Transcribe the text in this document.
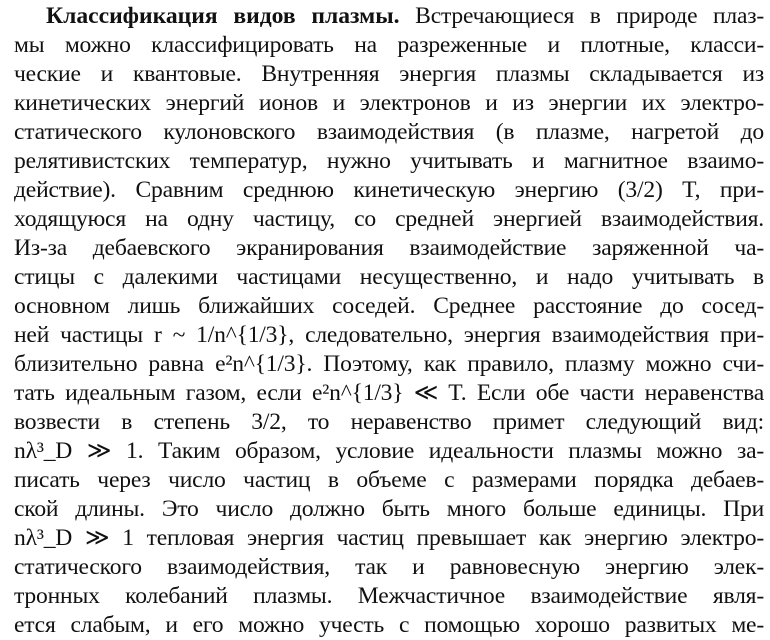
Классификация видов плазмы. Встречающиеся в природе плаз-
мы можно классифицировать на разреженные и плотные, класси-
ческие и квантовые. Внутренняя энергия плазмы складывается из
кинетических энергий ионов и электронов и из энергии их электро-
статического кулоновского взаимодействия (в плазме, нагретой до
релятивистских температур, нужно учитывать и магнитное взаимо-
действие). Сравним среднюю кинетическую энергию (3/2) T, при-
ходящуюся на одну частицу, со средней энергией взаимодействия.
Из-за дебаевского экранирования взаимодействие заряженной ча-
стицы с далекими частицами несущественно, и надо учитывать в
основном лишь ближайших соседей. Среднее расстояние до сосед-
ней частицы r ~ 1/n^{1/3}, следовательно, энергия взаимодействия при-
близительно равна e²n^{1/3}. Поэтому, как правило, плазму можно счи-
тать идеальным газом, если e²n^{1/3} ≪ T. Если обе части неравенства
возвести в степень 3/2, то неравенство примет следующий вид:
nλ³_D ≫ 1. Таким образом, условие идеальности плазмы можно за-
писать через число частиц в объеме с размерами порядка дебаев-
ской длины. Это число должно быть много больше единицы. При
nλ³_D ≫ 1 тепловая энергия частиц превышает как энергию электро-
статического взаимодействия, так и равновесную энергию элек-
тронных колебаний плазмы. Межчастичное взаимодействие явля-
ется слабым, и его можно учесть с помощью хорошо развитых ме-
